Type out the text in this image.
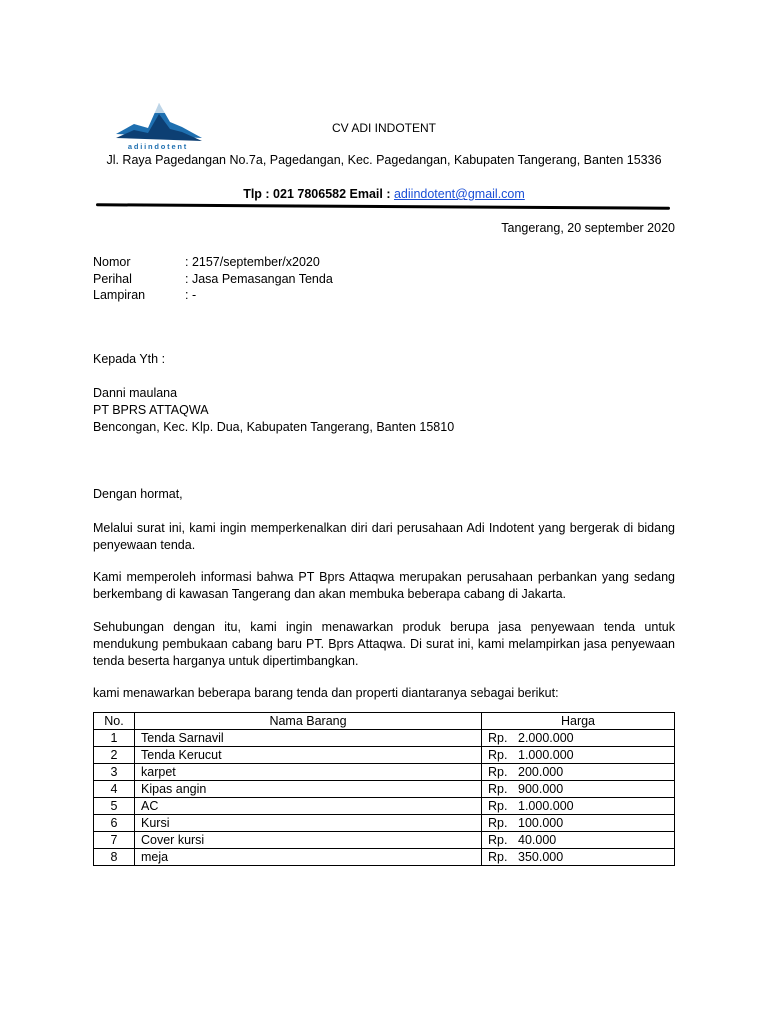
adiindotent
CV ADI INDOTENT
Jl. Raya Pagedangan No.7a, Pagedangan, Kec. Pagedangan, Kabupaten Tangerang, Banten 15336
Tlp : 021 7806582 Email : adiindotent@gmail.com
Tangerang, 20 september 2020
Nomor	: 2157/september/x2020
Perihal	: Jasa Pemasangan Tenda
Lampiran	: -
Kepada Yth :
Danni maulana
PT BPRS ATTAQWA
Bencongan, Kec. Klp. Dua, Kabupaten Tangerang, Banten 15810
Dengan hormat,
Melalui surat ini, kami ingin memperkenalkan diri dari perusahaan Adi Indotent yang bergerak di bidang penyewaan tenda.
Kami memperoleh informasi bahwa PT Bprs Attaqwa merupakan perusahaan perbankan yang sedang berkembang di kawasan Tangerang dan akan membuka beberapa cabang di Jakarta.
Sehubungan dengan itu, kami ingin menawarkan produk berupa jasa penyewaan tenda untuk mendukung pembukaan cabang baru PT. Bprs Attaqwa. Di surat ini, kami melampirkan jasa penyewaan tenda beserta harganya untuk dipertimbangkan.
kami menawarkan beberapa barang tenda dan properti diantaranya sebagai berikut:
No.	Nama Barang	Harga
1	Tenda Sarnavil	Rp. 2.000.000
2	Tenda Kerucut	Rp. 1.000.000
3	karpet	Rp. 200.000
4	Kipas angin	Rp. 900.000
5	AC	Rp. 1.000.000
6	Kursi	Rp. 100.000
7	Cover kursi	Rp. 40.000
8	meja	Rp. 350.000
